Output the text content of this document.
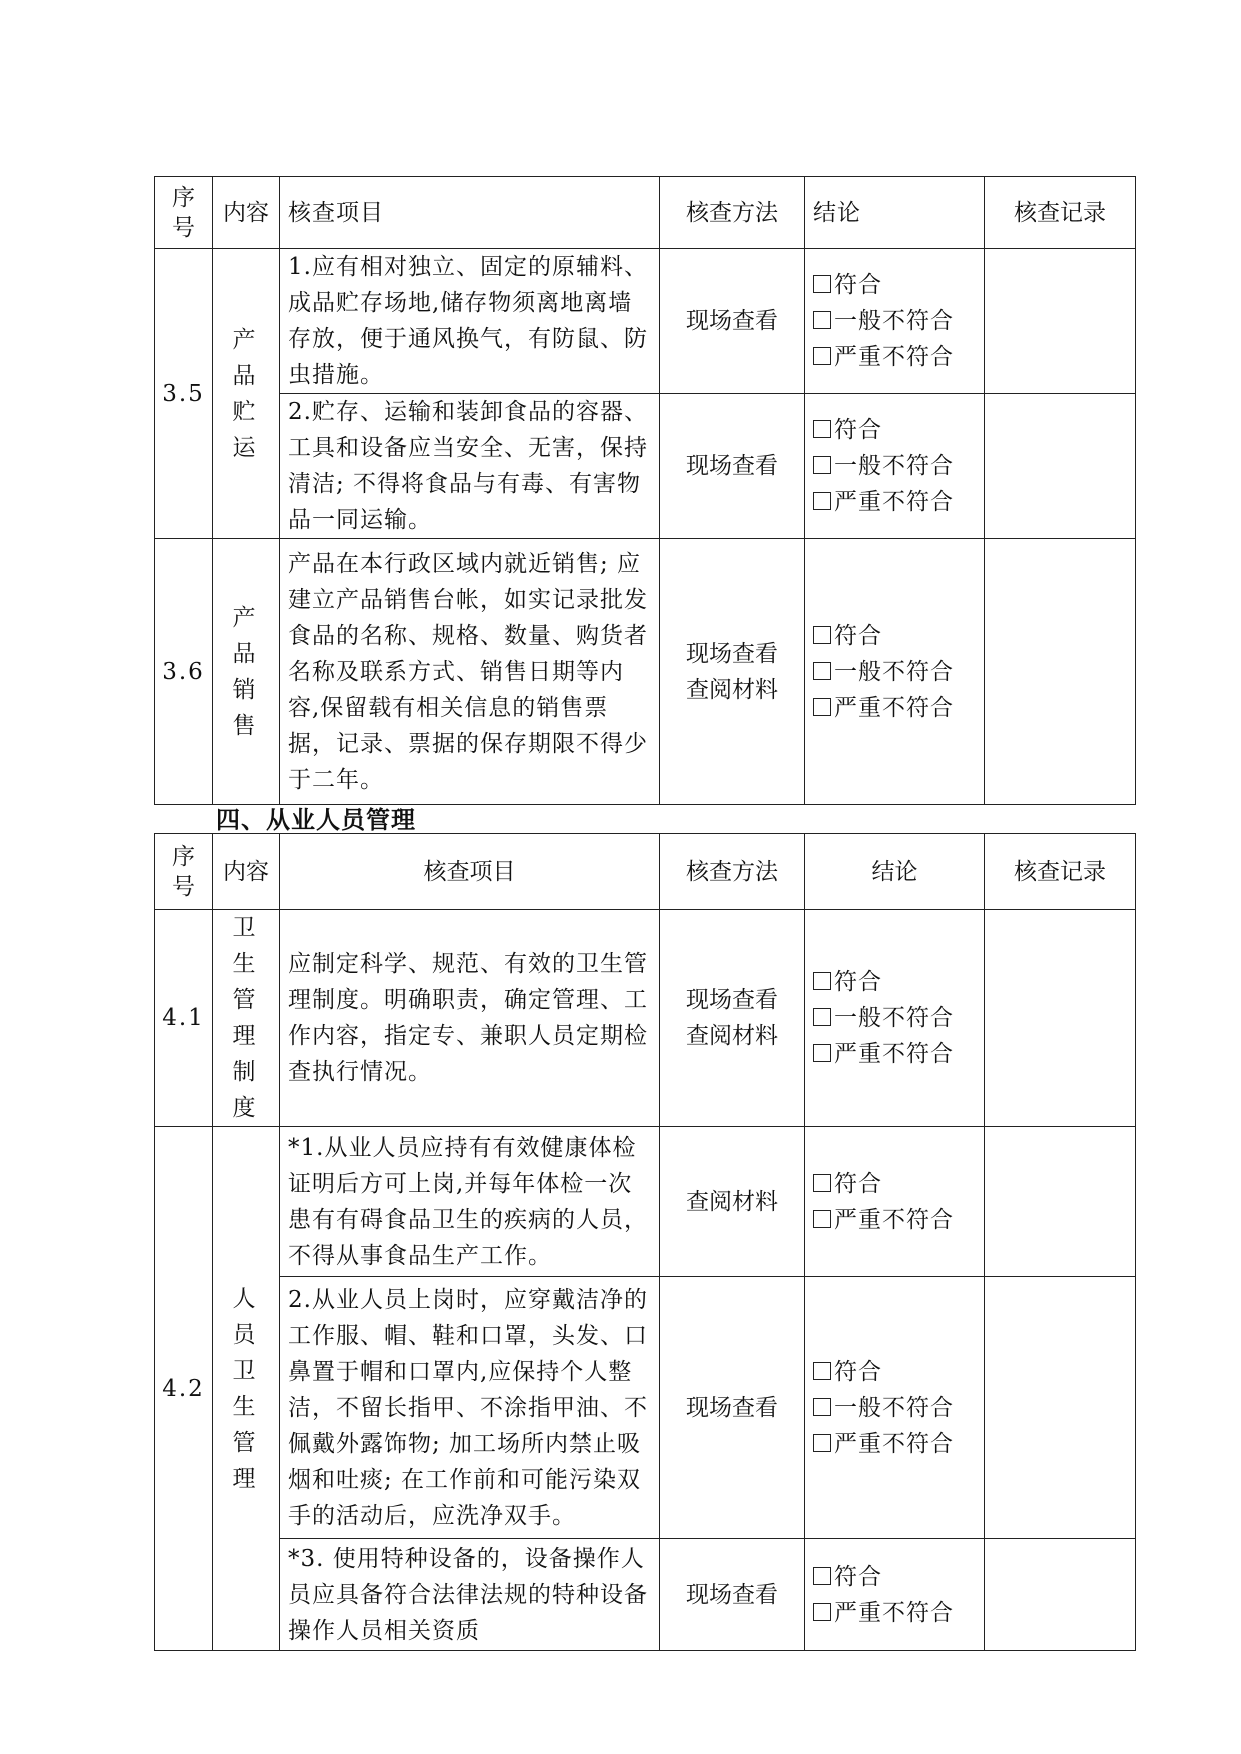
序号	内容	核查项目	核查方法	结论	核查记录
3.5	产品贮运	1.应有相对独立、固定的原辅料、成品贮存场地,储存物须离地离墙存放，便于通风换气，有防鼠、防虫措施。	现场查看	符合
一般不符合
严重不符合	

		2.贮存、运输和装卸食品的容器、工具和设备应当安全、无害，保持清洁; 不得将食品与有毒、有害物品一同运输。	现场查看	符合
一般不符合
严重不符合	

3.6	产品销售	产品在本行政区域内就近销售; 应建立产品销售台帐，如实记录批发食品的名称、规格、数量、购货者名称及联系方式、销售日期等内容,保留载有相关信息的销售票据，记录、票据的保存期限不得少于二年。	现场查看查阅材料	符合
一般不符合
严重不符合	

四、从业人员管理
序号	内容	核查项目	核查方法	结论	核查记录
4.1	卫生管理制度	应制定科学、规范、有效的卫生管理制度。明确职责，确定管理、工作内容，指定专、兼职人员定期检查执行情况。	现场查看查阅材料	符合
一般不符合
严重不符合	

4.2	人员卫生管理	*1.从业人员应持有有效健康体检证明后方可上岗,并每年体检一次患有有碍食品卫生的疾病的人员，不得从事食品生产工作。	查阅材料	符合
严重不符合	

		2.从业人员上岗时，应穿戴洁净的工作服、帽、鞋和口罩，头发、口鼻置于帽和口罩内,应保持个人整洁，不留长指甲、不涂指甲油、不佩戴外露饰物; 加工场所内禁止吸烟和吐痰; 在工作前和可能污染双手的活动后，应洗净双手。	现场查看	符合
一般不符合
严重不符合	

		*3. 使用特种设备的，设备操作人员应具备符合法律法规的特种设备操作人员相关资质	现场查看	符合
严重不符合	
